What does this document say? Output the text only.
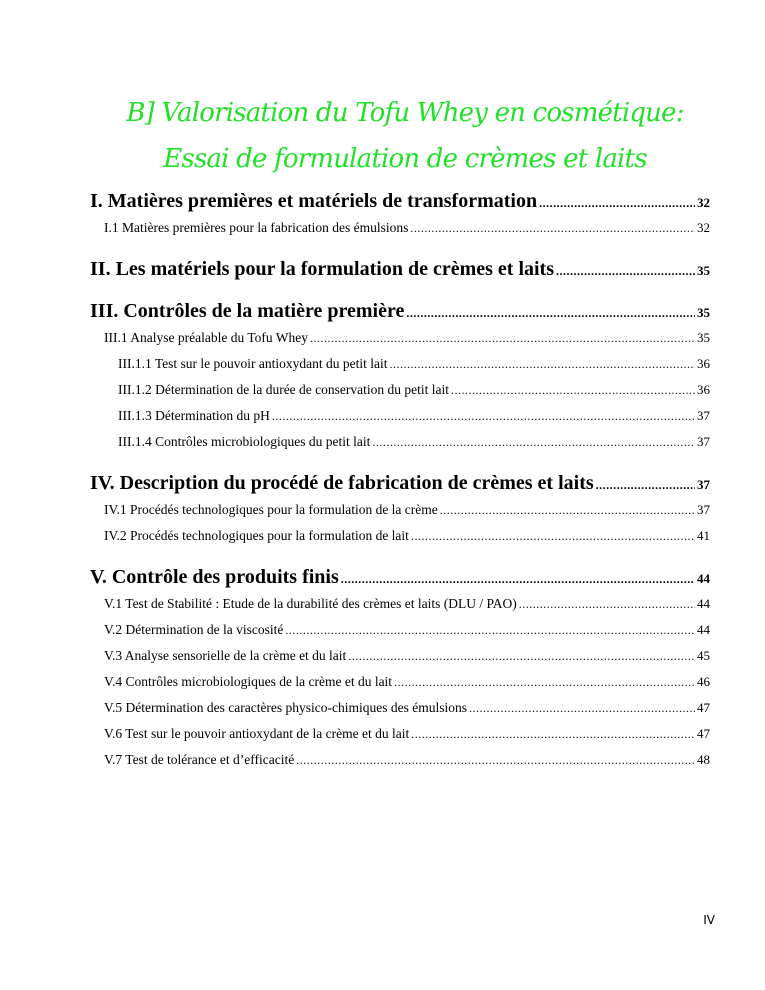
B] Valorisation du Tofu Whey en cosmétique: Essai de formulation de crèmes et laits
I. Matières premières et matériels de transformation .....	32
I.1 Matières premières pour la fabrication des émulsions .....	32
II. Les matériels pour la formulation de crèmes et laits .....	35
III. Contrôles de la matière première .....	35
III.1 Analyse préalable du Tofu Whey .....	35
III.1.1 Test sur le pouvoir antioxydant du petit lait .....	36
III.1.2 Détermination de la durée de conservation du petit lait .....	36
III.1.3 Détermination du pH .....	37
III.1.4 Contrôles microbiologiques du petit lait .....	37
IV. Description du procédé de fabrication de crèmes et laits .....	37
IV.1 Procédés technologiques pour la formulation de la crème .....	37
IV.2 Procédés technologiques pour la formulation de lait .....	41
V. Contrôle des produits finis .....	44
V.1 Test de Stabilité : Etude de la durabilité des crèmes et laits (DLU / PAO) .....	44
V.2 Détermination de la viscosité .....	44
V.3 Analyse sensorielle de la crème et du lait .....	45
V.4 Contrôles microbiologiques de la crème et du lait .....	46
V.5 Détermination des caractères physico-chimiques des émulsions .....	47
V.6 Test sur le pouvoir antioxydant de la crème et du lait .....	47
V.7 Test de tolérance et d’efficacité .....	48
IV
